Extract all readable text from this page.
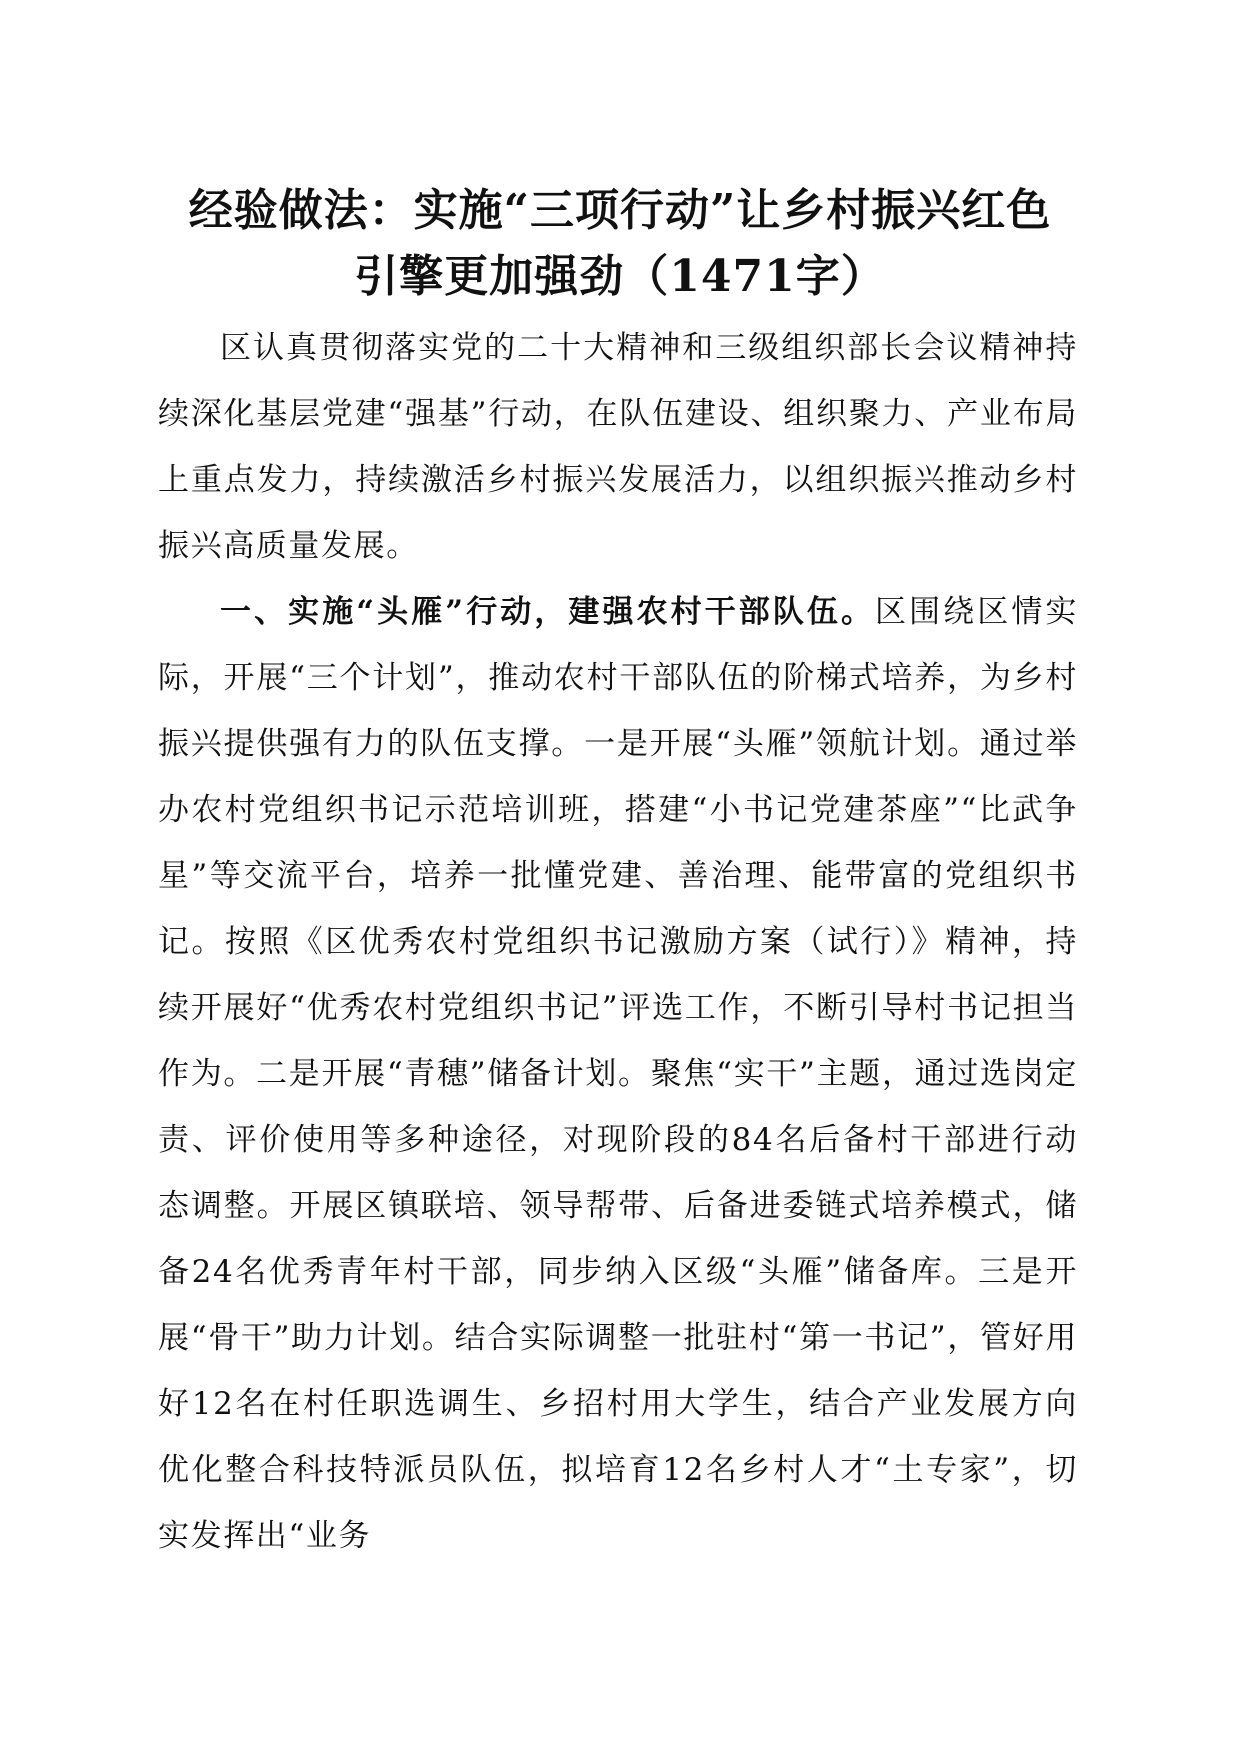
经验做法：实施“三项行动”让乡村振兴红色
引擎更加强劲（1471字）

区认真贯彻落实党的二十大精神和三级组织部长会议精神持续深化基层党建“强基”行动，在队伍建设、组织聚力、产业布局上重点发力，持续激活乡村振兴发展活力，以组织振兴推动乡村振兴高质量发展。

一、实施“头雁”行动，建强农村干部队伍。区围绕区情实际，开展“三个计划”，推动农村干部队伍的阶梯式培养，为乡村振兴提供强有力的队伍支撑。一是开展“头雁”领航计划。通过举办农村党组织书记示范培训班，搭建“小书记党建茶座”“比武争星”等交流平台，培养一批懂党建、善治理、能带富的党组织书记。按照《区优秀农村党组织书记激励方案（试行）》精神，持续开展好“优秀农村党组织书记”评选工作，不断引导村书记担当作为。二是开展“青穗”储备计划。聚焦“实干”主题，通过选岗定责、评价使用等多种途径，对现阶段的84名后备村干部进行动态调整。开展区镇联培、领导帮带、后备进委链式培养模式，储备24名优秀青年村干部，同步纳入区级“头雁”储备库。三是开展“骨干”助力计划。结合实际调整一批驻村“第一书记”，管好用好12名在村任职选调生、乡招村用大学生，结合产业发展方向优化整合科技特派员队伍，拟培育12名乡村人才“土专家”，切实发挥出“业务
